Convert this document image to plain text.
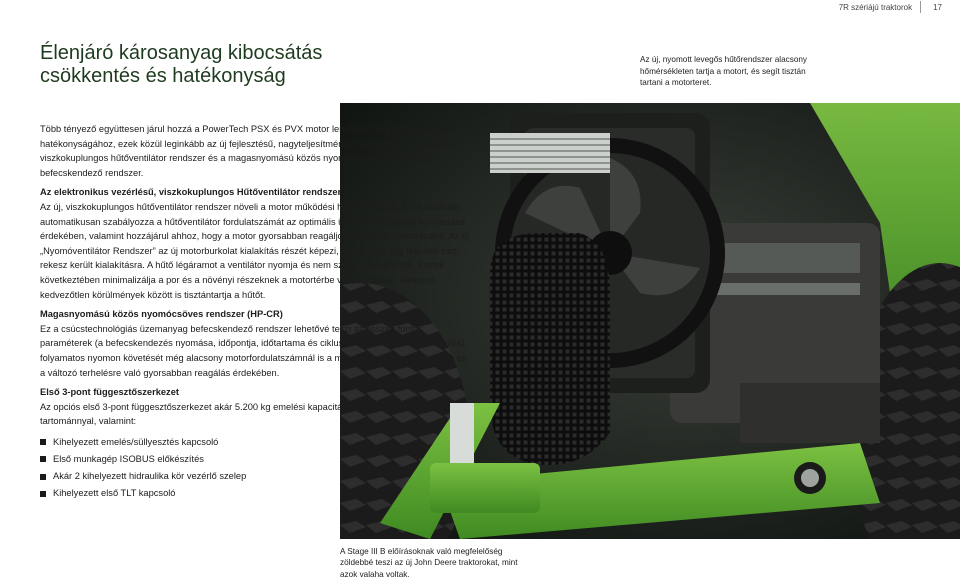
7R szériájú traktorok	17
Élenjáró károsanyag kibocsátás
csökkentés és hatékonyság
Az új, nyomott levegős hűtőrendszer alacsony hőmérsékleten tartja a motort, és segít tisztán tartani a motorteret.

Több tényező együttesen járul hozzá a PowerTech PSX és PVX motor lenyűgöző teljesítményéhez és hatékonyságához, ezek közül leginkább az új fejlesztésű, nagyteljesítményű, elektronikus vezérlésű, viszkokuplungos hűtőventilátor rendszer és a magasnyomású közös nyomócsöves üzemanyag befecskendező rendszer.

Az elektronikus vezérlésű, viszkokuplungos Hűtőventilátor rendszer

Az új, viszkokuplungos hűtőventilátor rendszer növeli a motor működési hatékonyságát. Ez a rendszer automatikusan szabályozza a hűtőventilátor fordulatszámát az optimális üzemi hőmérséklet fenntartása érdekében, valamint hozzájárul ahhoz, hogy a motor gyorsabban reagáljon a terhelés változásaira. Az új „Nyomóventilátor Rendszer” az új motorburkolat kialakítás részét képezi, amely alatt egy teljesen zárt rekesz került kialakításra. A hűtő légáramot a ventilátor nyomja és nem szívja a motortérbe. Ennek következtében minimalizálja a por és a növényi részeknek a motortérbe való bejutását, valamint kedvezőtlen körülmények között is tisztántartja a hűtőt.

Magasnyomású közös nyomócsöves rendszer (HP-CR)

Ez a csúcstechnológiás üzemanyag befecskendező rendszer lehetővé teszi az összes fontos paraméterek (a befecskendezés nyomása, időpontja, időtartama és ciklusonként több befecskendezés) folyamatos nyomon követését még alacsony motorfordulatszámnál is a motor kiegyenlítettebb járása és a változó terhelésre való gyorsabban reagálás érdekében.

Első 3-pont függesztőszerkezet

Az opciós első 3-pont függesztőszerkezet akár 5.200 kg emelési kapacitással és nagy emelési tartománnyal, valamint:

Kihelyezett emelés/süllyesztés kapcsoló
Első munkagép ISOBUS előkészítés
Akár 2 kihelyezett hidraulika kör vezérlő szelep
Kihelyezett első TLT kapcsoló
A Stage III B előírásoknak való megfelelőség zöldebbé teszi az új John Deere traktorokat, mint azok valaha voltak.
